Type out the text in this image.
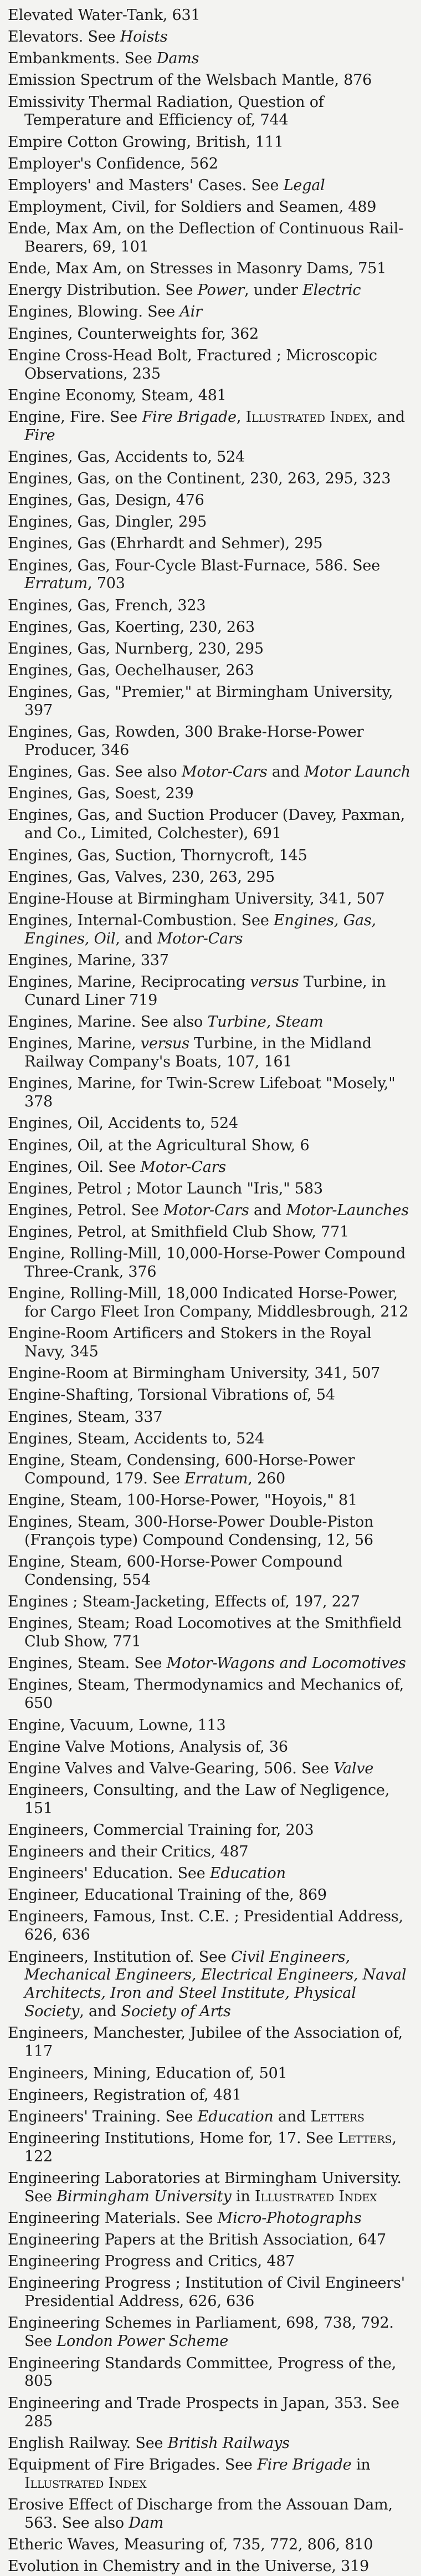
Elevated Water-Tank, 631
Elevators. See Hoists
Embankments. See Dams
Emission Spectrum of the Welsbach Mantle, 876
Emissivity Thermal Radiation, Question of Temperature and Efficiency of, 744
Empire Cotton Growing, British, 111
Employer's Confidence, 562
Employers' and Masters' Cases. See Legal
Employment, Civil, for Soldiers and Seamen, 489
Ende, Max Am, on the Deflection of Continuous Rail-Bearers, 69, 101
Ende, Max Am, on Stresses in Masonry Dams, 751
Energy Distribution. See Power, under Electric
Engines, Blowing. See Air
Engines, Counterweights for, 362
Engine Cross-Head Bolt, Fractured ; Microscopic Observations, 235
Engine Economy, Steam, 481
Engine, Fire. See Fire Brigade, Illustrated Index, and Fire
Engines, Gas, Accidents to, 524
Engines, Gas, on the Continent, 230, 263, 295, 323
Engines, Gas, Design, 476
Engines, Gas, Dingler, 295
Engines, Gas (Ehrhardt and Sehmer), 295
Engines, Gas, Four-Cycle Blast-Furnace, 586. See Erratum, 703
Engines, Gas, French, 323
Engines, Gas, Koerting, 230, 263
Engines, Gas, Nurnberg, 230, 295
Engines, Gas, Oechelhauser, 263
Engines, Gas, "Premier," at Birmingham University, 397
Engines, Gas, Rowden, 300 Brake-Horse-Power Producer, 346
Engines, Gas. See also Motor-Cars and Motor Launch
Engines, Gas, Soest, 239
Engines, Gas, and Suction Producer (Davey, Paxman, and Co., Limited, Colchester), 691
Engines, Gas, Suction, Thornycroft, 145
Engines, Gas, Valves, 230, 263, 295
Engine-House at Birmingham University, 341, 507
Engines, Internal-Combustion. See Engines, Gas, Engines, Oil, and Motor-Cars
Engines, Marine, 337
Engines, Marine, Reciprocating versus Turbine, in Cunard Liner 719
Engines, Marine. See also Turbine, Steam
Engines, Marine, versus Turbine, in the Midland Railway Company's Boats, 107, 161
Engines, Marine, for Twin-Screw Lifeboat "Mosely," 378
Engines, Oil, Accidents to, 524
Engines, Oil, at the Agricultural Show, 6
Engines, Oil. See Motor-Cars
Engines, Petrol ; Motor Launch "Iris," 583
Engines, Petrol. See Motor-Cars and Motor-Launches
Engines, Petrol, at Smithfield Club Show, 771
Engine, Rolling-Mill, 10,000-Horse-Power Compound Three-Crank, 376
Engine, Rolling-Mill, 18,000 Indicated Horse-Power, for Cargo Fleet Iron Company, Middlesbrough, 212
Engine-Room Artificers and Stokers in the Royal Navy, 345
Engine-Room at Birmingham University, 341, 507
Engine-Shafting, Torsional Vibrations of, 54
Engines, Steam, 337
Engines, Steam, Accidents to, 524
Engine, Steam, Condensing, 600-Horse-Power Compound, 179. See Erratum, 260
Engine, Steam, 100-Horse-Power, "Hoyois," 81
Engines, Steam, 300-Horse-Power Double-Piston (François type) Compound Condensing, 12, 56
Engine, Steam, 600-Horse-Power Compound Condensing, 554
Engines ; Steam-Jacketing, Effects of, 197, 227
Engines, Steam; Road Locomotives at the Smithfield Club Show, 771
Engines, Steam. See Motor-Wagons and Locomotives
Engines, Steam, Thermodynamics and Mechanics of, 650
Engine, Vacuum, Lowne, 113
Engine Valve Motions, Analysis of, 36
Engine Valves and Valve-Gearing, 506. See Valve
Engineers, Consulting, and the Law of Negligence, 151
Engineers, Commercial Training for, 203
Engineers and their Critics, 487
Engineers' Education. See Education
Engineer, Educational Training of the, 869
Engineers, Famous, Inst. C.E. ; Presidential Address, 626, 636
Engineers, Institution of. See Civil Engineers, Mechanical Engineers, Electrical Engineers, Naval Architects, Iron and Steel Institute, Physical Society, and Society of Arts
Engineers, Manchester, Jubilee of the Association of, 117
Engineers, Mining, Education of, 501
Engineers, Registration of, 481
Engineers' Training. See Education and Letters
Engineering Institutions, Home for, 17. See Letters, 122
Engineering Laboratories at Birmingham University. See Birmingham University in Illustrated Index
Engineering Materials. See Micro-Photographs
Engineering Papers at the British Association, 647
Engineering Progress and Critics, 487
Engineering Progress ; Institution of Civil Engineers' Presidential Address, 626, 636
Engineering Schemes in Parliament, 698, 738, 792. See London Power Scheme
Engineering Standards Committee, Progress of the, 805
Engineering and Trade Prospects in Japan, 353. See 285
English Railway. See British Railways
Equipment of Fire Brigades. See Fire Brigade in Illustrated Index
Erosive Effect of Discharge from the Assouan Dam, 563. See also Dam
Etheric Waves, Measuring of, 735, 772, 806, 810
Evolution in Chemistry and in the Universe, 319
